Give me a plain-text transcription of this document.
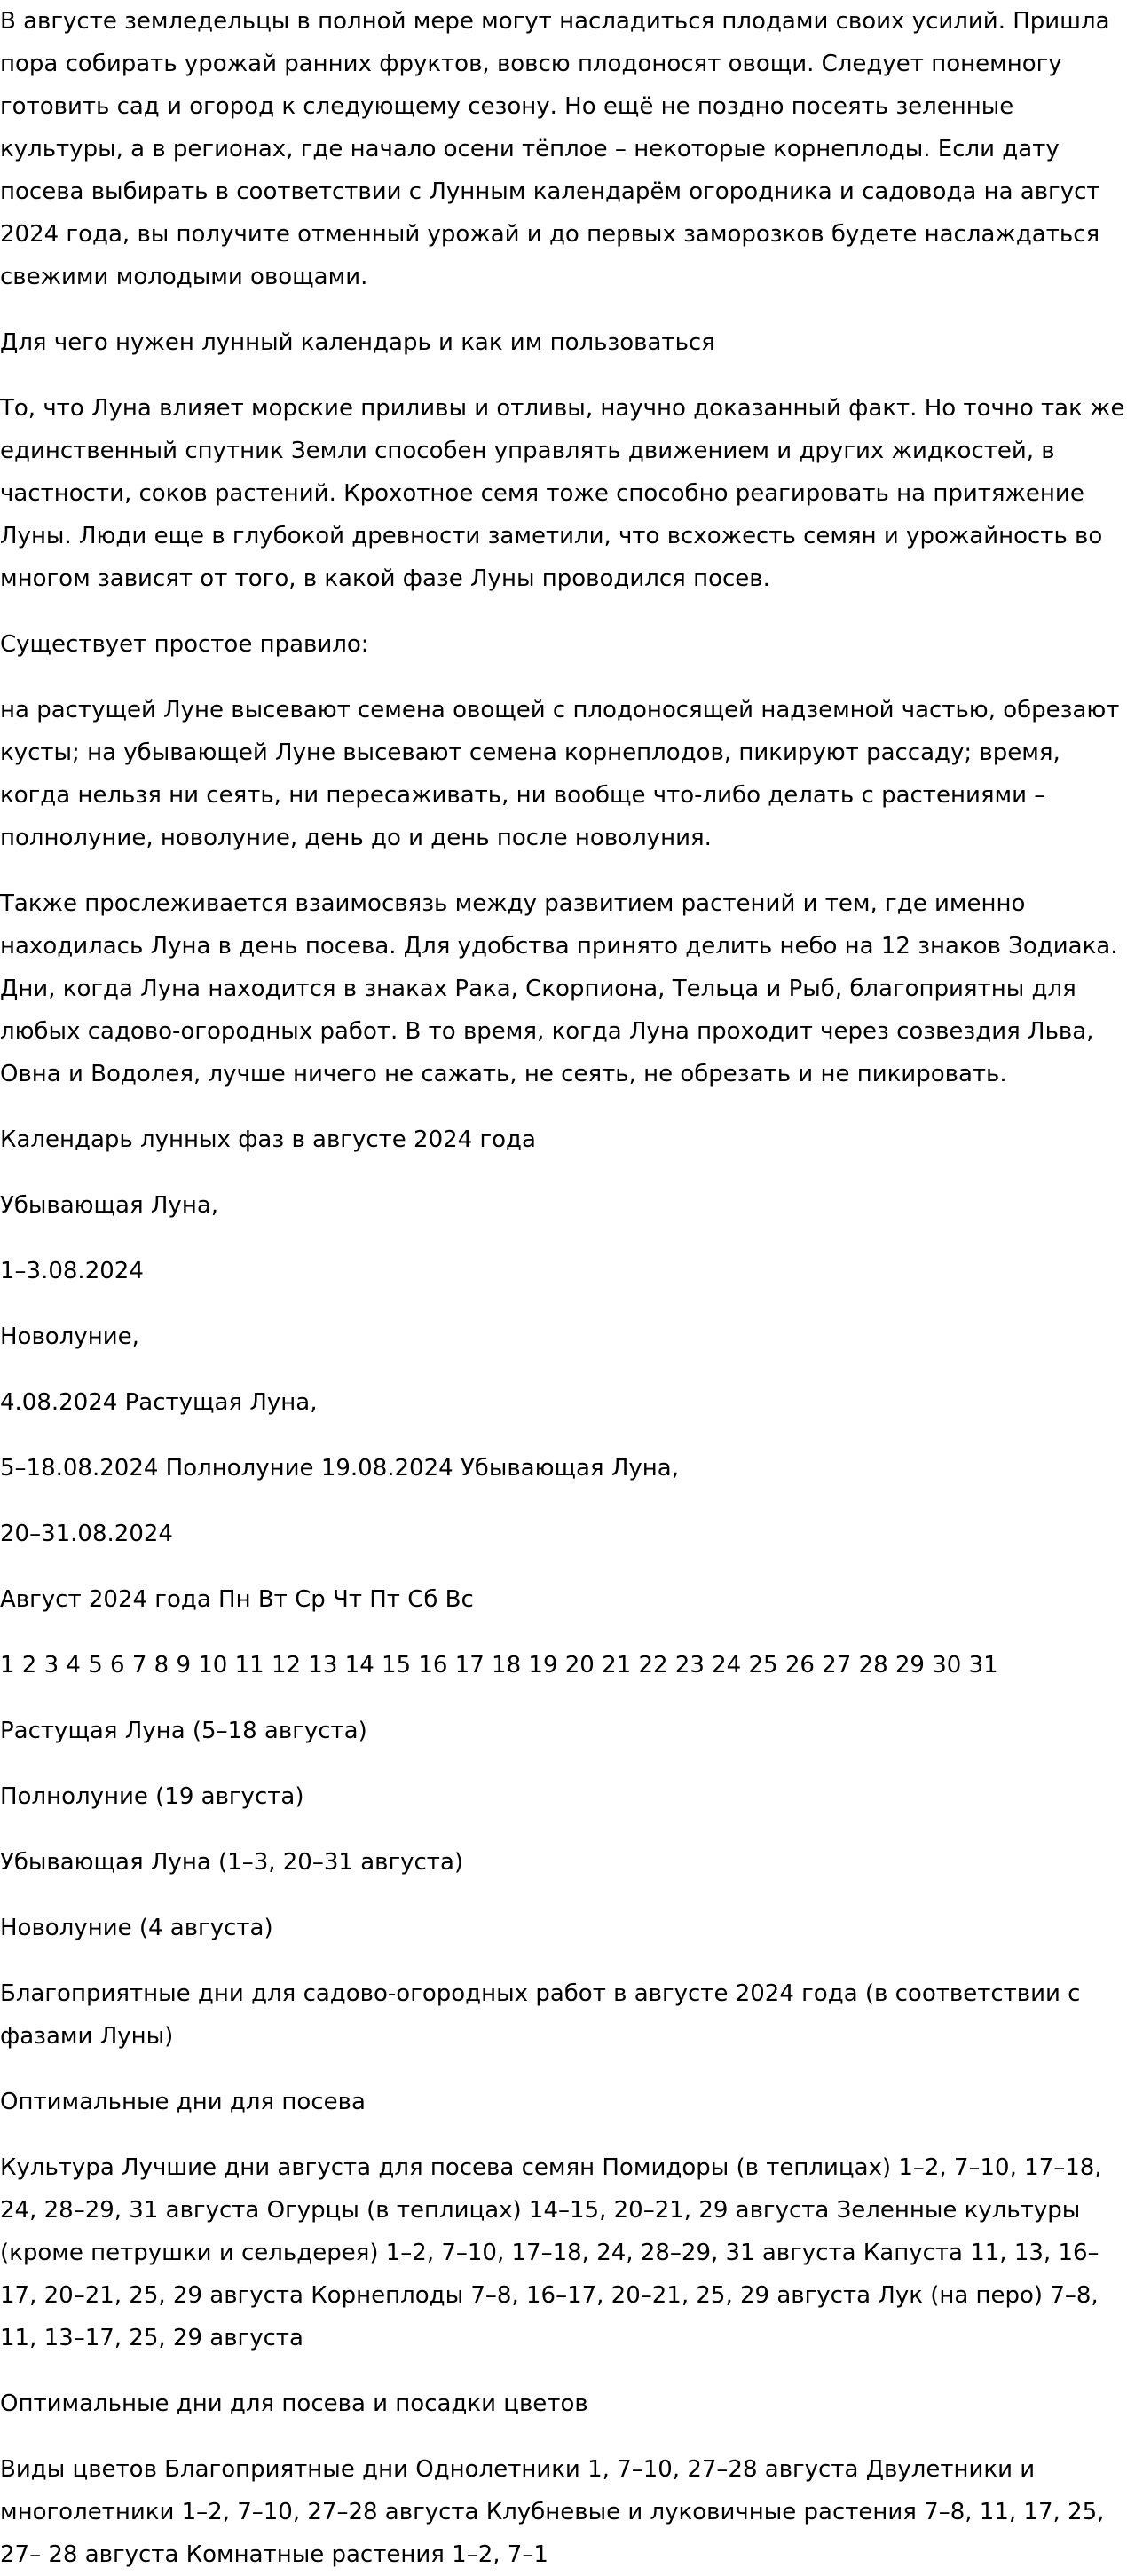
В августе земледельцы в полной мере могут насладиться плодами своих усилий. Пришла пора собирать урожай ранних фруктов, вовсю плодоносят овощи. Следует понемногу готовить сад и огород к следующему сезону. Но ещё не поздно посеять зеленные культуры, а в регионах, где начало осени тёплое – некоторые корнеплоды. Если дату посева выбирать в соответствии с Лунным календарём огородника и садовода на август 2024 года, вы получите отменный урожай и до первых заморозков будете наслаждаться свежими молодыми овощами.

Для чего нужен лунный календарь и как им пользоваться

То, что Луна влияет морские приливы и отливы, научно доказанный факт. Но точно так же единственный спутник Земли способен управлять движением и других жидкостей, в частности, соков растений. Крохотное семя тоже способно реагировать на притяжение Луны. Люди еще в глубокой древности заметили, что всхожесть семян и урожайность во многом зависят от того, в какой фазе Луны проводился посев.

Существует простое правило:

на растущей Луне высевают семена овощей с плодоносящей надземной частью, обрезают кусты; на убывающей Луне высевают семена корнеплодов, пикируют рассаду; время, когда нельзя ни сеять, ни пересаживать, ни вообще что-либо делать с растениями – полнолуние, новолуние, день до и день после новолуния.

Также прослеживается взаимосвязь между развитием растений и тем, где именно находилась Луна в день посева. Для удобства принято делить небо на 12 знаков Зодиака. Дни, когда Луна находится в знаках Рака, Скорпиона, Тельца и Рыб, благоприятны для любых садово-огородных работ. В то время, когда Луна проходит через созвездия Льва, Овна и Водолея, лучше ничего не сажать, не сеять, не обрезать и не пикировать.

Календарь лунных фаз в августе 2024 года

Убывающая Луна,

1–3.08.2024

Новолуние,

4.08.2024 Растущая Луна,

5–18.08.2024 Полнолуние 19.08.2024 Убывающая Луна,

20–31.08.2024

Август 2024 года Пн Вт Ср Чт Пт Сб Вс

1 2 3 4 5 6 7 8 9 10 11 12 13 14 15 16 17 18 19 20 21 22 23 24 25 26 27 28 29 30 31

Растущая Луна (5–18 августа)

Полнолуние (19 августа)

Убывающая Луна (1–3, 20–31 августа)

Новолуние (4 августа)

Благоприятные дни для садово-огородных работ в августе 2024 года (в соответствии с фазами Луны)

Оптимальные дни для посева

Культура Лучшие дни августа для посева семян Помидоры (в теплицах) 1–2, 7–10, 17–18, 24, 28–29, 31 августа Огурцы (в теплицах) 14–15, 20–21, 29 августа Зеленные культуры (кроме петрушки и сельдерея) 1–2, 7–10, 17–18, 24, 28–29, 31 августа Капуста 11, 13, 16–17, 20–21, 25, 29 августа Корнеплоды 7–8, 16–17, 20–21, 25, 29 августа Лук (на перо) 7–8, 11, 13–17, 25, 29 августа

Оптимальные дни для посева и посадки цветов

Виды цветов Благоприятные дни Однолетники 1, 7–10, 27–28 августа Двулетники и многолетники 1–2, 7–10, 27–28 августа Клубневые и луковичные растения 7–8, 11, 17, 25, 27– 28 августа Комнатные растения 1–2, 7–1
